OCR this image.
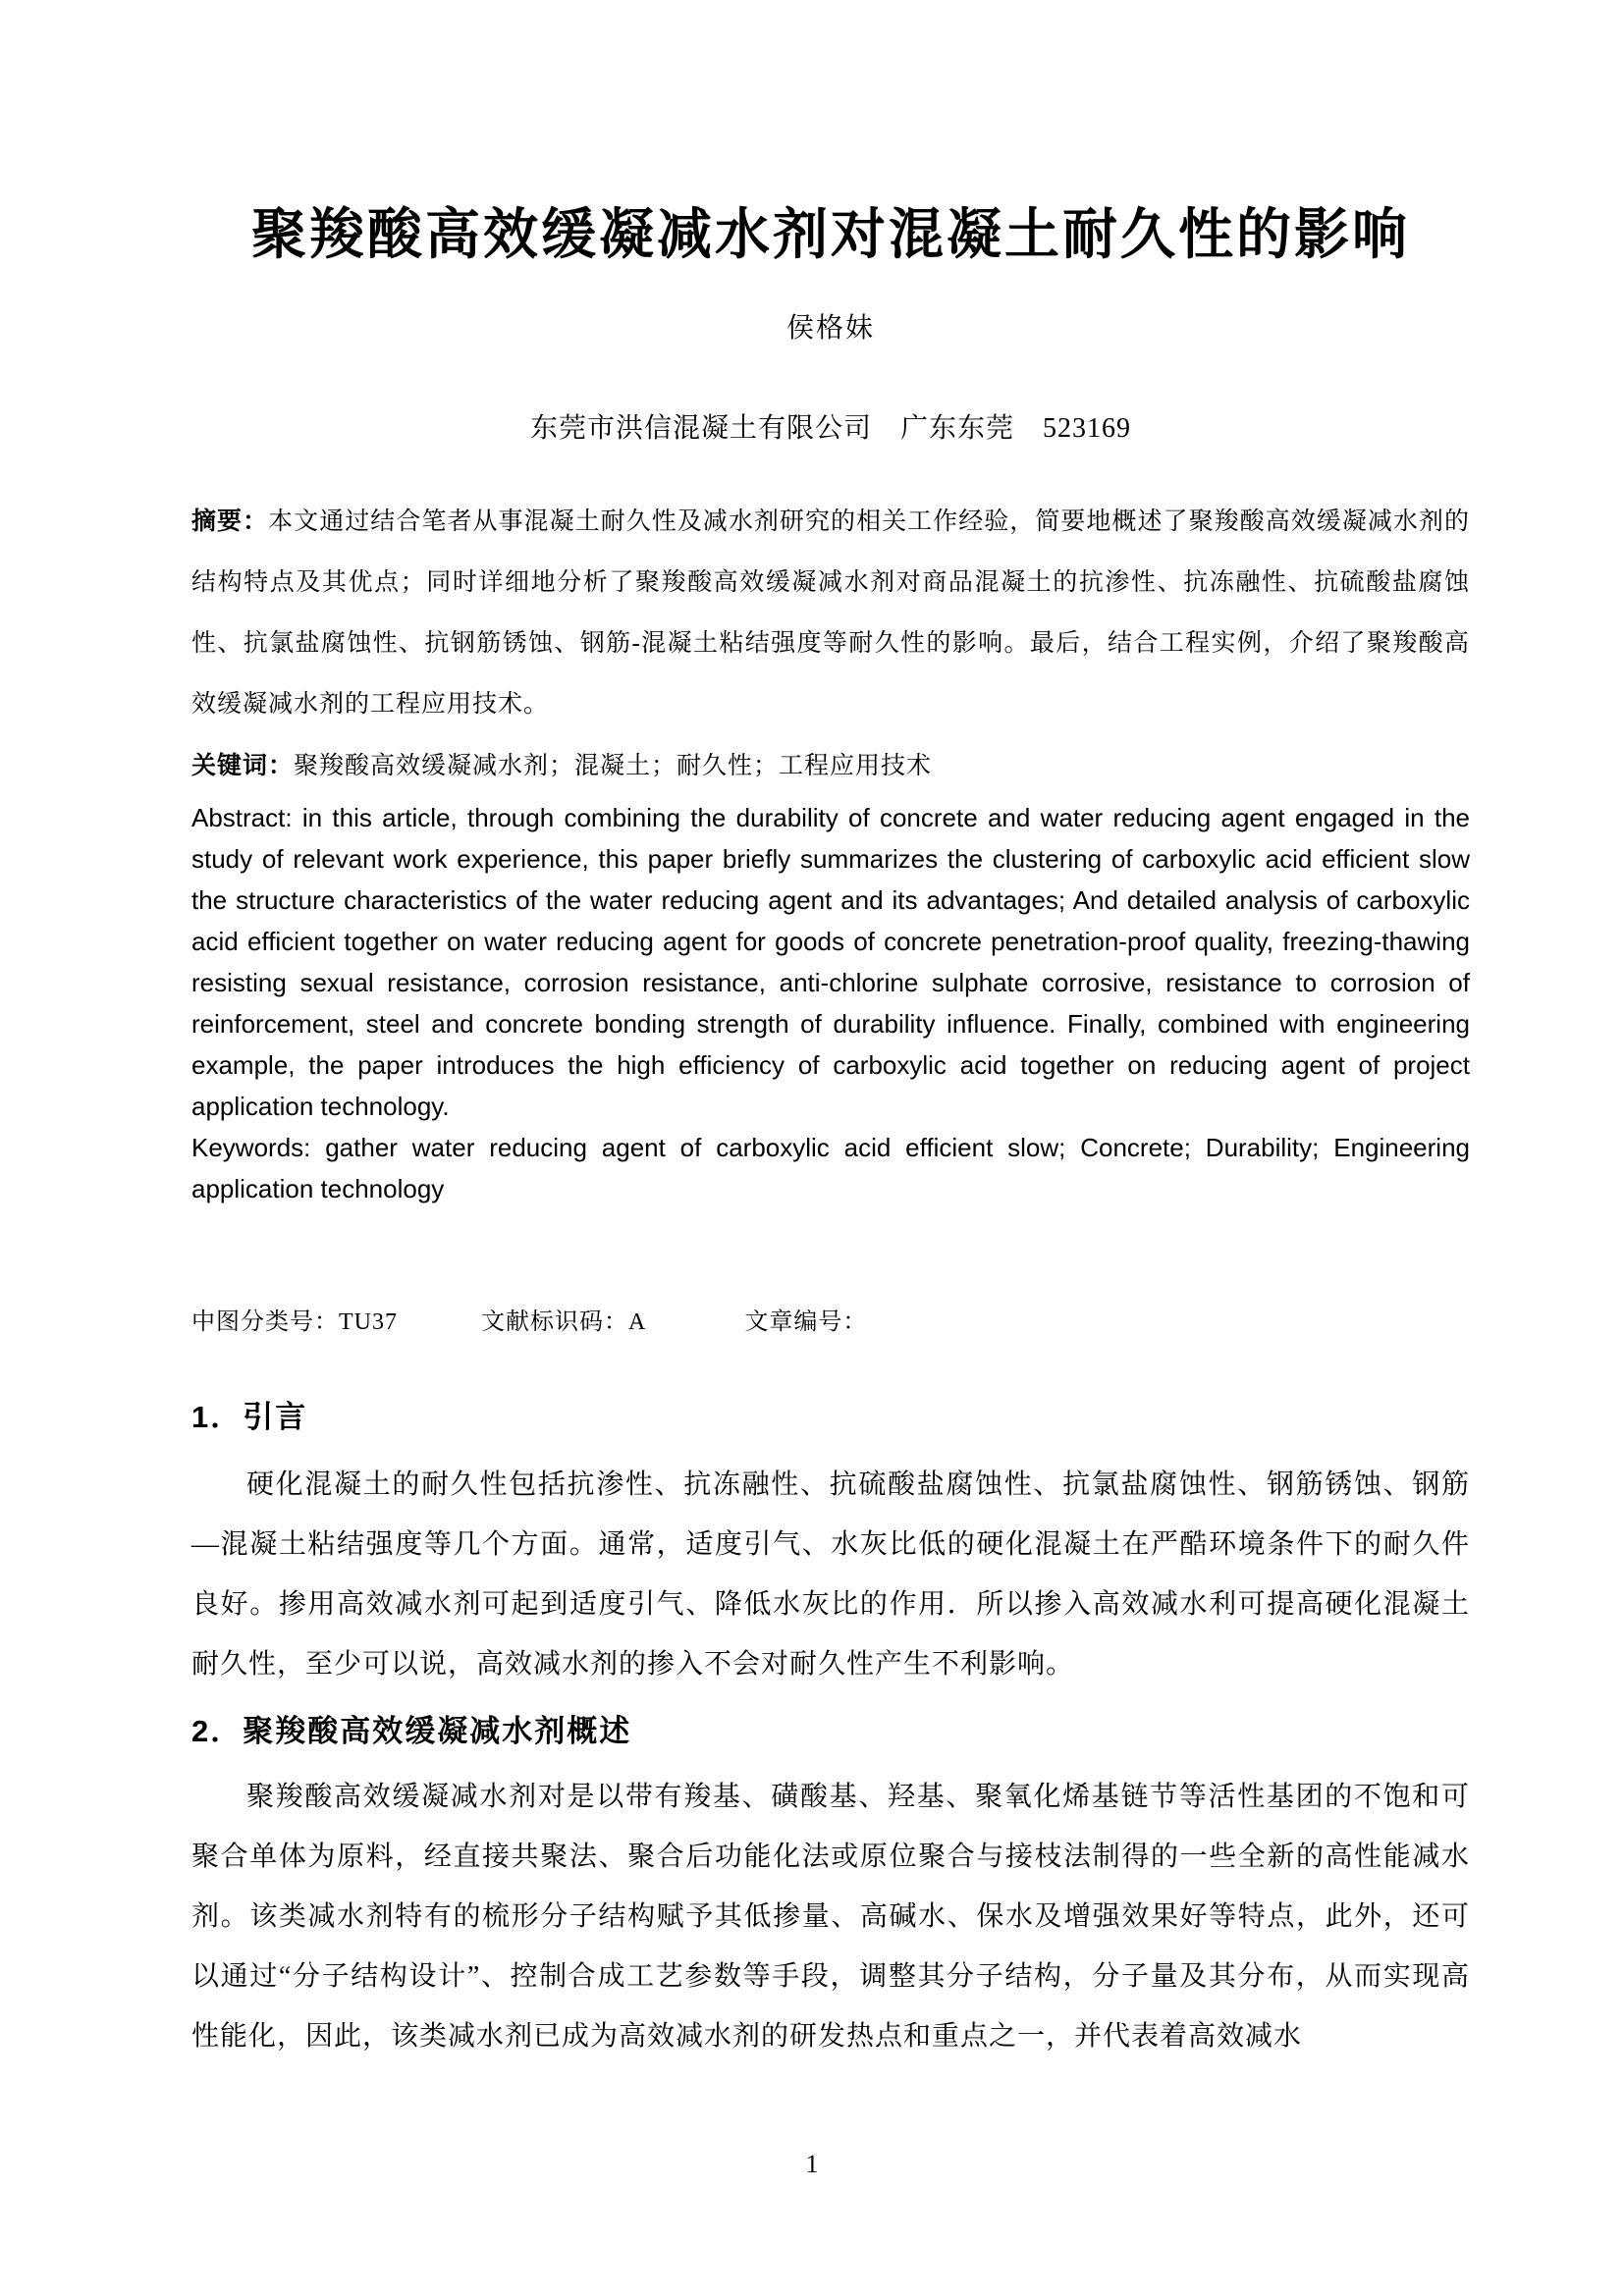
聚羧酸高效缓凝减水剂对混凝土耐久性的影响
侯格妹
东莞市洪信混凝土有限公司　广东东莞　523169

摘要：本文通过结合笔者从事混凝土耐久性及减水剂研究的相关工作经验，简要地概述了聚羧酸高效缓凝减水剂的结构特点及其优点；同时详细地分析了聚羧酸高效缓凝减水剂对商品混凝土的抗渗性、抗冻融性、抗硫酸盐腐蚀性、抗氯盐腐蚀性、抗钢筋锈蚀、钢筋-混凝土粘结强度等耐久性的影响。最后，结合工程实例，介绍了聚羧酸高效缓凝减水剂的工程应用技术。

关键词：聚羧酸高效缓凝减水剂；混凝土；耐久性；工程应用技术

Abstract: in this article, through combining the durability of concrete and water reducing agent engaged in the study of relevant work experience, this paper briefly summarizes the clustering of carboxylic acid efficient slow the structure characteristics of the water reducing agent and its advantages; And detailed analysis of carboxylic acid efficient together on water reducing agent for goods of concrete penetration-proof quality, freezing-thawing resisting sexual resistance, corrosion resistance, anti-chlorine sulphate corrosive, resistance to corrosion of reinforcement, steel and concrete bonding strength of durability influence. Finally, combined with engineering example, the paper introduces the high efficiency of carboxylic acid together on reducing agent of project application technology.

Keywords: gather water reducing agent of carboxylic acid efficient slow; Concrete; Durability; Engineering application technology

中图分类号：TU37	文献标识码：A	文章编号：

1．引言

硬化混凝土的耐久性包括抗渗性、抗冻融性、抗硫酸盐腐蚀性、抗氯盐腐蚀性、钢筋锈蚀、钢筋—混凝土粘结强度等几个方面。通常，适度引气、水灰比低的硬化混凝土在严酷环境条件下的耐久件良好。掺用高效减水剂可起到适度引气、降低水灰比的作用．所以掺入高效减水利可提高硬化混凝土耐久性，至少可以说，高效减水剂的掺入不会对耐久性产生不利影响。

2．聚羧酸高效缓凝减水剂概述

聚羧酸高效缓凝减水剂对是以带有羧基、磺酸基、羟基、聚氧化烯基链节等活性基团的不饱和可聚合单体为原料，经直接共聚法、聚合后功能化法或原位聚合与接枝法制得的一些全新的高性能减水剂。该类减水剂特有的梳形分子结构赋予其低掺量、高碱水、保水及增强效果好等特点，此外，还可以通过“分子结构设计”、控制合成工艺参数等手段，调整其分子结构，分子量及其分布，从而实现高性能化，因此，该类减水剂已成为高效减水剂的研发热点和重点之一，并代表着高效减水

1
